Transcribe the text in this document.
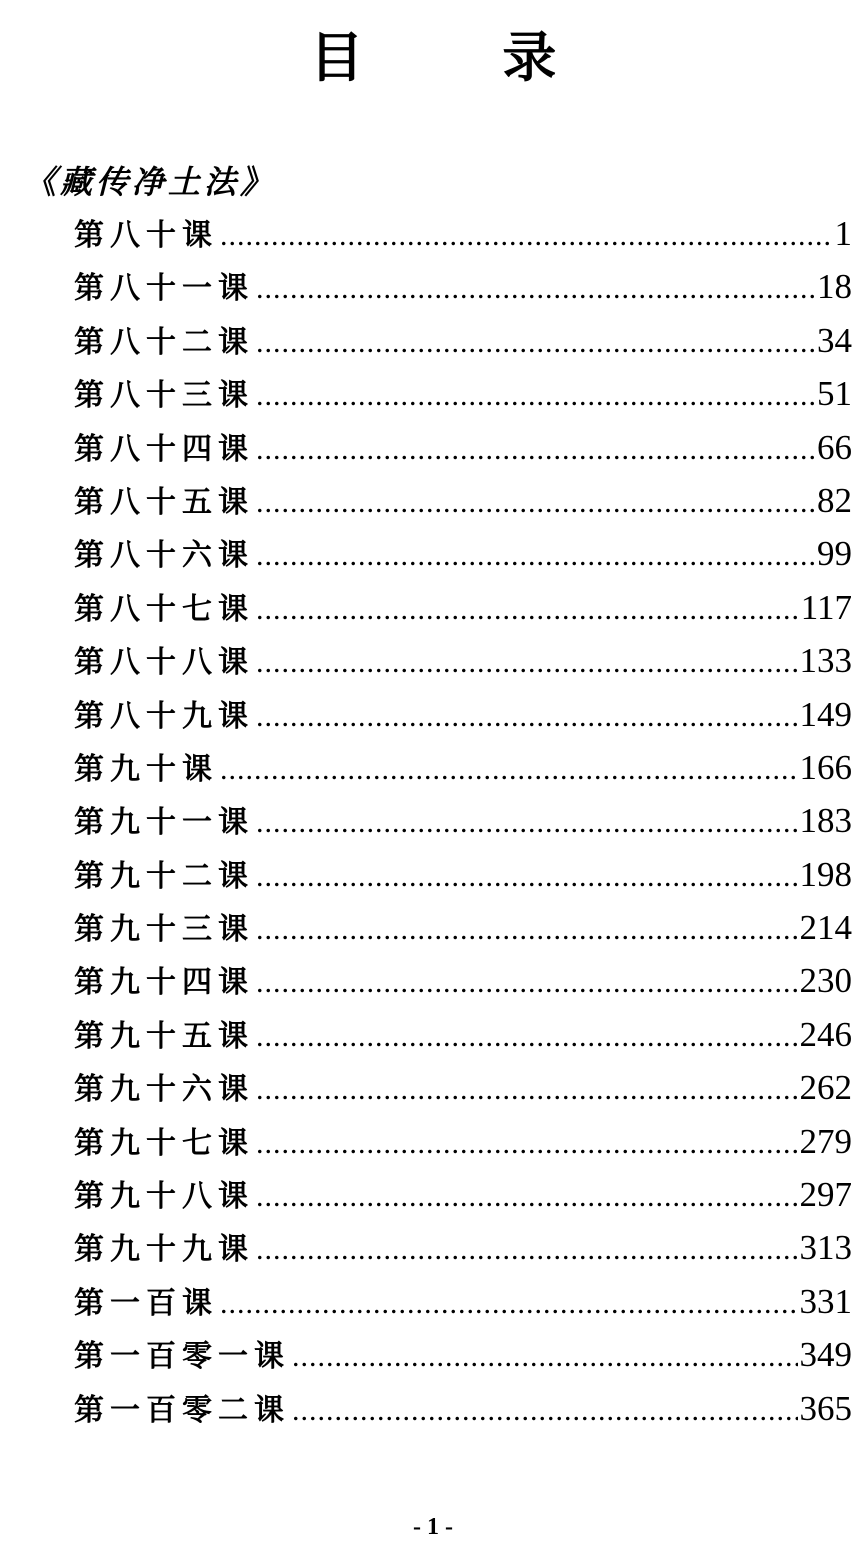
目 录
《藏传净土法》
第八十课 .....	1
第八十一课 .....	18
第八十二课 .....	34
第八十三课 .....	51
第八十四课 .....	66
第八十五课 .....	82
第八十六课 .....	99
第八十七课 .....	117
第八十八课 .....	133
第八十九课 .....	149
第九十课 .....	166
第九十一课 .....	183
第九十二课 .....	198
第九十三课 .....	214
第九十四课 .....	230
第九十五课 .....	246
第九十六课 .....	262
第九十七课 .....	279
第九十八课 .....	297
第九十九课 .....	313
第一百课 .....	331
第一百零一课 .....	349
第一百零二课 .....	365
- 1 -
